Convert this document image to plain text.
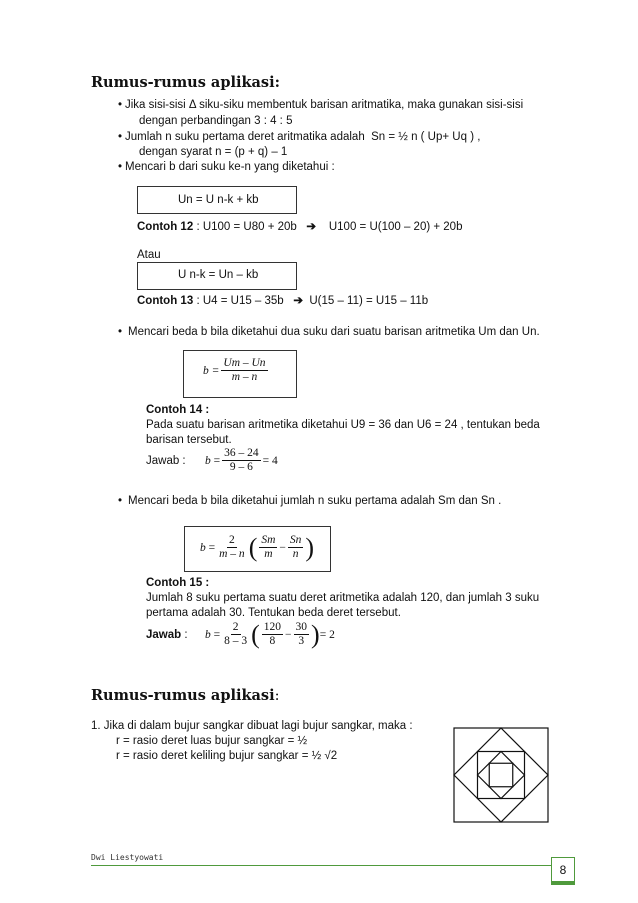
Rumus-rumus aplikasi:
• Jika sisi-sisi Δ siku-siku membentuk barisan aritmatika, maka gunakan sisi-sisi
dengan perbandingan 3 : 4 : 5
• Jumlah n suku pertama deret aritmatika adalah Sn = ½ n ( Up+ Uq ) ,
dengan syarat n = (p + q) – 1
• Mencari b dari suku ke-n yang diketahui :
Un = U n-k + kb
Contoh 12 : U100 = U80 + 20b ➔ U100 = U(100 – 20) + 20b
Atau
U n-k = Un – kb
Contoh 13 : U4 = U15 – 35b ➔ U(15 – 11) = U15 – 11b
• Mencari beda b bila diketahui dua suku dari suatu barisan aritmetika Um dan Un.
$b = \frac{Um - Un}{m - n}$
Contoh 14 :
Pada suatu barisan aritmetika diketahui U9 = 36 dan U6 = 24 , tentukan beda
barisan tersebut.
Jawab : $b = \frac{36 - 24}{9 - 6} = 4$
• Mencari beda b bila diketahui jumlah n suku pertama adalah Sm dan Sn .
$b = \frac{2}{m - n}$ ( $\frac{Sm}{m} - \frac{Sn}{n}$ )
Contoh 15 :
Jumlah 8 suku pertama suatu deret aritmetika adalah 120, dan jumlah 3 suku
pertama adalah 30. Tentukan beda deret tersebut.
Jawab : $b = \frac{2}{8 - 3}$ ( $\frac{120}{8} - \frac{30}{3}$ ) = 2
Rumus-rumus aplikasi:
1. Jika di dalam bujur sangkar dibuat lagi bujur sangkar, maka :
r = rasio deret luas bujur sangkar = ½
r = rasio deret keliling bujur sangkar = ½ √2
Dwi Liestyowati
8
